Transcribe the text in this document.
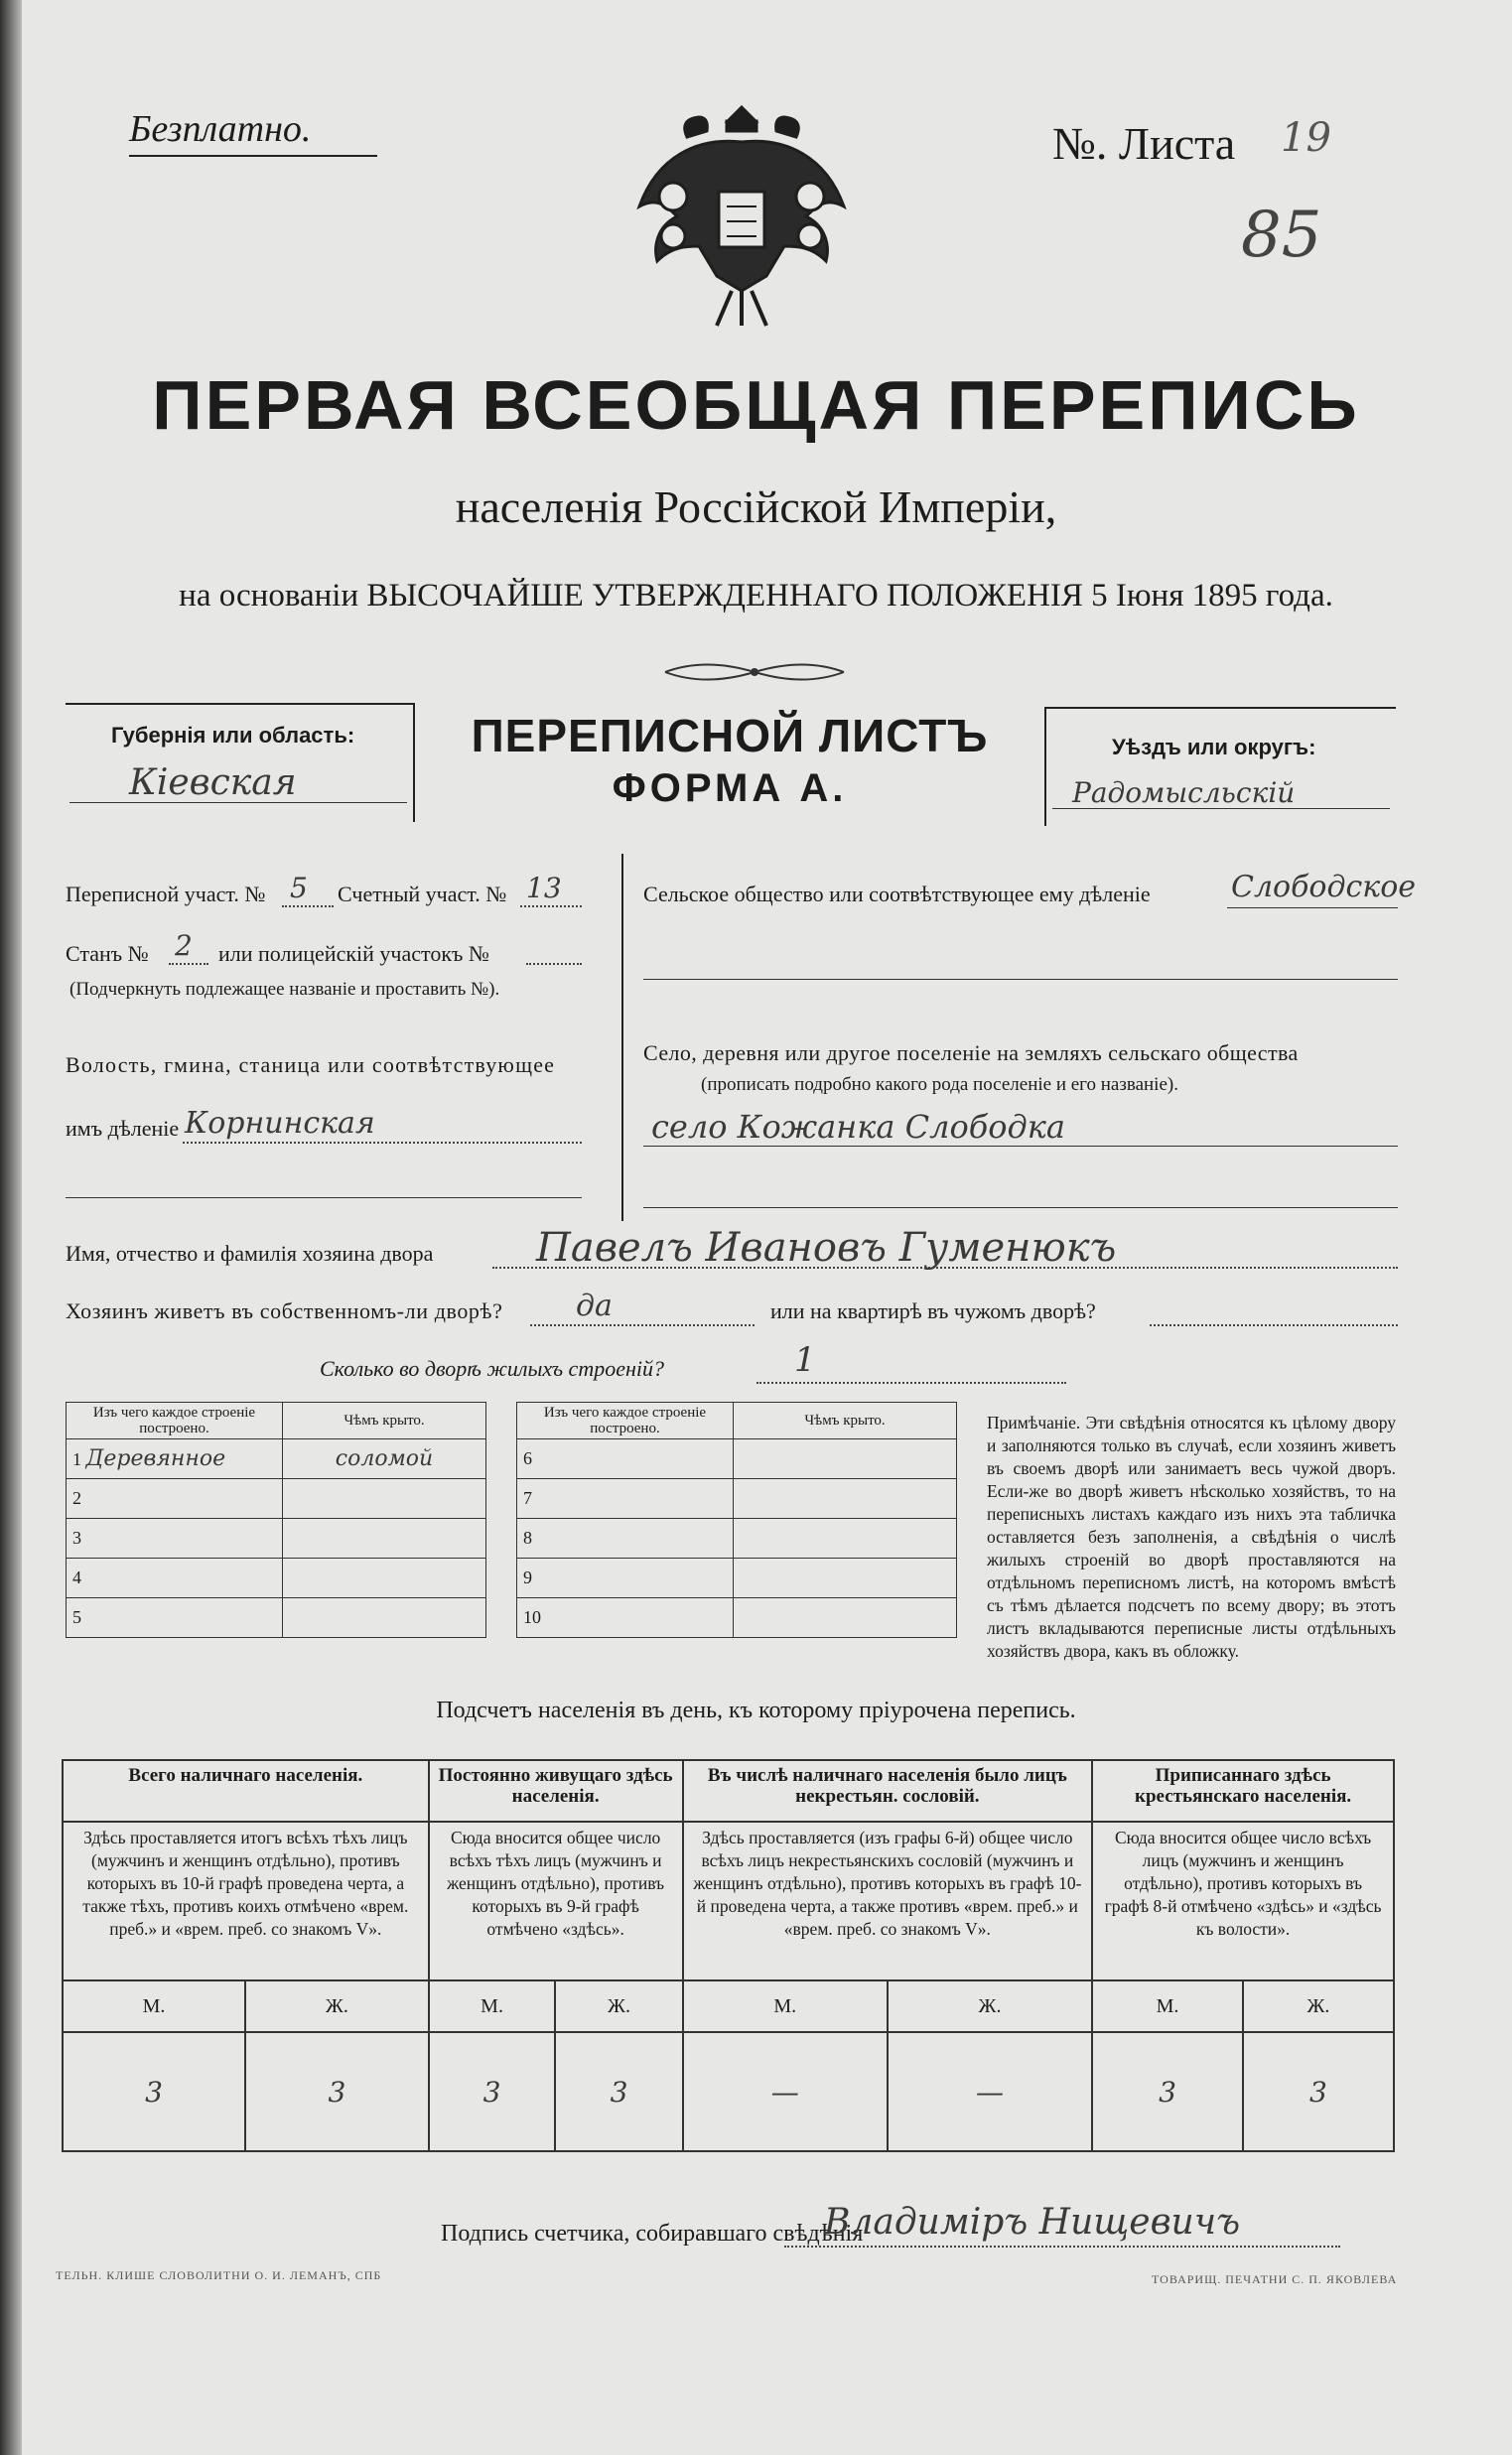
Безплатно.	№. Листа 19
85
ПЕРВАЯ ВСЕОБЩАЯ ПЕРЕПИСЬ
населенія Россійской Имперіи,
на основаніи ВЫСОЧАЙШЕ УТВЕРЖДЕННАГО ПОЛОЖЕНІЯ 5 Іюня 1895 года.
Губернія или область:
Кіевская
ПЕРЕПИСНОЙ ЛИСТЪ
ФОРМА А.
Уѣздъ или округъ:
Радомысльскій
Переписной участ. № 5 Счетный участ. № 13
Станъ № 2 или полицейскій участокъ №
(Подчеркнуть подлежащее названіе и проставить №).
Волость, гмина, станица или соотвѣтствующее
имъ дѣленіе Корнинская
Сельское общество или соотвѣтствующее ему дѣленіе	Слободское
Село, деревня или другое поселеніе на земляхъ сельскаго общества
(прописать подробно какого рода поселеніе и его названіе).
село Кожанка Слободка
Имя, отчество и фамилія хозяина двора	Павелъ Ивановъ Гуменюкъ
Хозяинъ живетъ въ собственномъ-ли дворѣ? да	или на квартирѣ въ чужомъ дворѣ?
Сколько во дворѣ жилыхъ строеній?	1
Изъ чего каждое строеніе построено.	Чѣмъ крыто.
1 Деревянное	соломой
2	
3	
4	
5	
Изъ чего каждое строеніе построено.	Чѣмъ крыто.
6	
7	
8	
9	
10	
Примѣчаніе. Эти свѣдѣнія относятся къ цѣлому двору и заполняются только въ случаѣ, если хозяинъ живетъ въ своемъ дворѣ или занимаетъ весь чужой дворъ. Если-же во дворѣ живетъ нѣсколько хозяйствъ, то на переписныхъ листахъ каждаго изъ нихъ эта табличка оставляется безъ заполненія, а свѣдѣнія о числѣ жилыхъ строеній во дворѣ проставляются на отдѣльномъ переписномъ листѣ, на которомъ вмѣстѣ съ тѣмъ дѣлается подсчетъ по всему двору; въ этотъ листъ вкладываются переписные листы отдѣльныхъ хозяйствъ двора, какъ въ обложку.
Подсчетъ населенія въ день, къ которому пріурочена перепись.
Всего наличнаго населенія.		Постоянно живущаго здѣсь населенія.		Въ числѣ наличнаго населенія было лицъ некрестьян. сословій.		Приписаннаго здѣсь крестьянскаго населенія.	
Здѣсь проставляется итогъ всѣхъ тѣхъ лицъ (мужчинъ и женщинъ отдѣльно), противъ которыхъ въ 10-й графѣ проведена черта, а также тѣхъ, противъ коихъ отмѣчено «врем. преб.» и «врем. преб. со знакомъ V».		Сюда вносится общее число всѣхъ тѣхъ лицъ (мужчинъ и женщинъ отдѣльно), противъ которыхъ въ 9-й графѣ отмѣчено «здѣсь».		Здѣсь проставляется (изъ графы 6-й) общее число всѣхъ лицъ некрестьянскихъ сословій (мужчинъ и женщинъ отдѣльно), противъ которыхъ въ графѣ 10-й проведена черта, а также противъ «врем. преб.» и «врем. преб. со знакомъ V».		Сюда вносится общее число всѣхъ лицъ (мужчинъ и женщинъ отдѣльно), противъ которыхъ въ графѣ 8-й отмѣчено «здѣсь» и «здѣсь къ волости».	
М.	Ж.	М.	Ж.	М.	Ж.	М.	Ж.
3	3	3	3	—	—	3	3
Подпись счетчика, собиравшаго свѣдѣнія
Владиміръ Нищевичъ
ТЕЛЬН. КЛИШЕ СЛОВОЛИТНИ О. И. ЛЕМАНЪ, СПБ	ТОВАРИЩ. ПЕЧАТНИ С. П. ЯКОВЛЕВА
